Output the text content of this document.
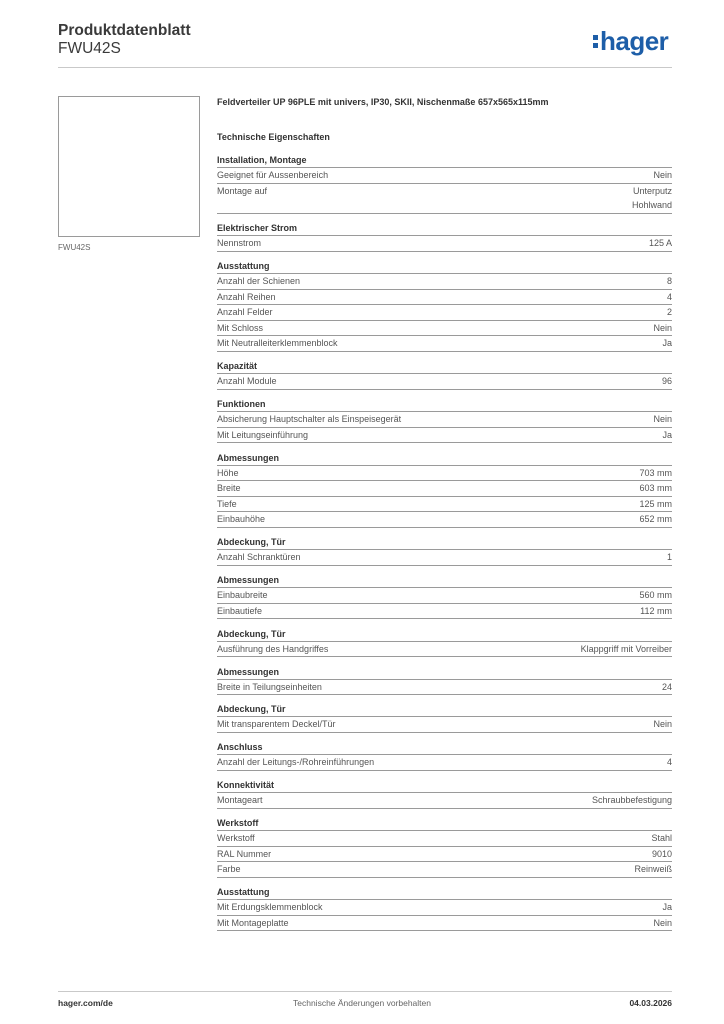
Produktdatenblatt
FWU42S	hager
FWU42S
Feldverteiler UP 96PLE mit univers, IP30, SKII, Nischenmaße 657x565x115mm
Technische Eigenschaften
Installation, Montage
Geeignet für Aussenbereich	Nein
Montage auf	Unterputz
Hohlwand
Elektrischer Strom
Nennstrom	125 A
Ausstattung
Anzahl der Schienen	8
Anzahl Reihen	4
Anzahl Felder	2
Mit Schloss	Nein
Mit Neutralleiterklemmenblock	Ja
Kapazität
Anzahl Module	96
Funktionen
Absicherung Hauptschalter als Einspeisegerät	Nein
Mit Leitungseinführung	Ja
Abmessungen
Höhe	703 mm
Breite	603 mm
Tiefe	125 mm
Einbauhöhe	652 mm
Abdeckung, Tür
Anzahl Schranktüren	1
Abmessungen
Einbaubreite	560 mm
Einbautiefe	112 mm
Abdeckung, Tür
Ausführung des Handgriffes	Klappgriff mit Vorreiber
Abmessungen
Breite in Teilungseinheiten	24
Abdeckung, Tür
Mit transparentem Deckel/Tür	Nein
Anschluss
Anzahl der Leitungs-/Rohreinführungen	4
Konnektivität
Montageart	Schraubbefestigung
Werkstoff
Werkstoff	Stahl
RAL Nummer	9010
Farbe	Reinweiß
Ausstattung
Mit Erdungsklemmenblock	Ja
Mit Montageplatte	Nein
hager.com/de	Technische Änderungen vorbehalten	04.03.2026
